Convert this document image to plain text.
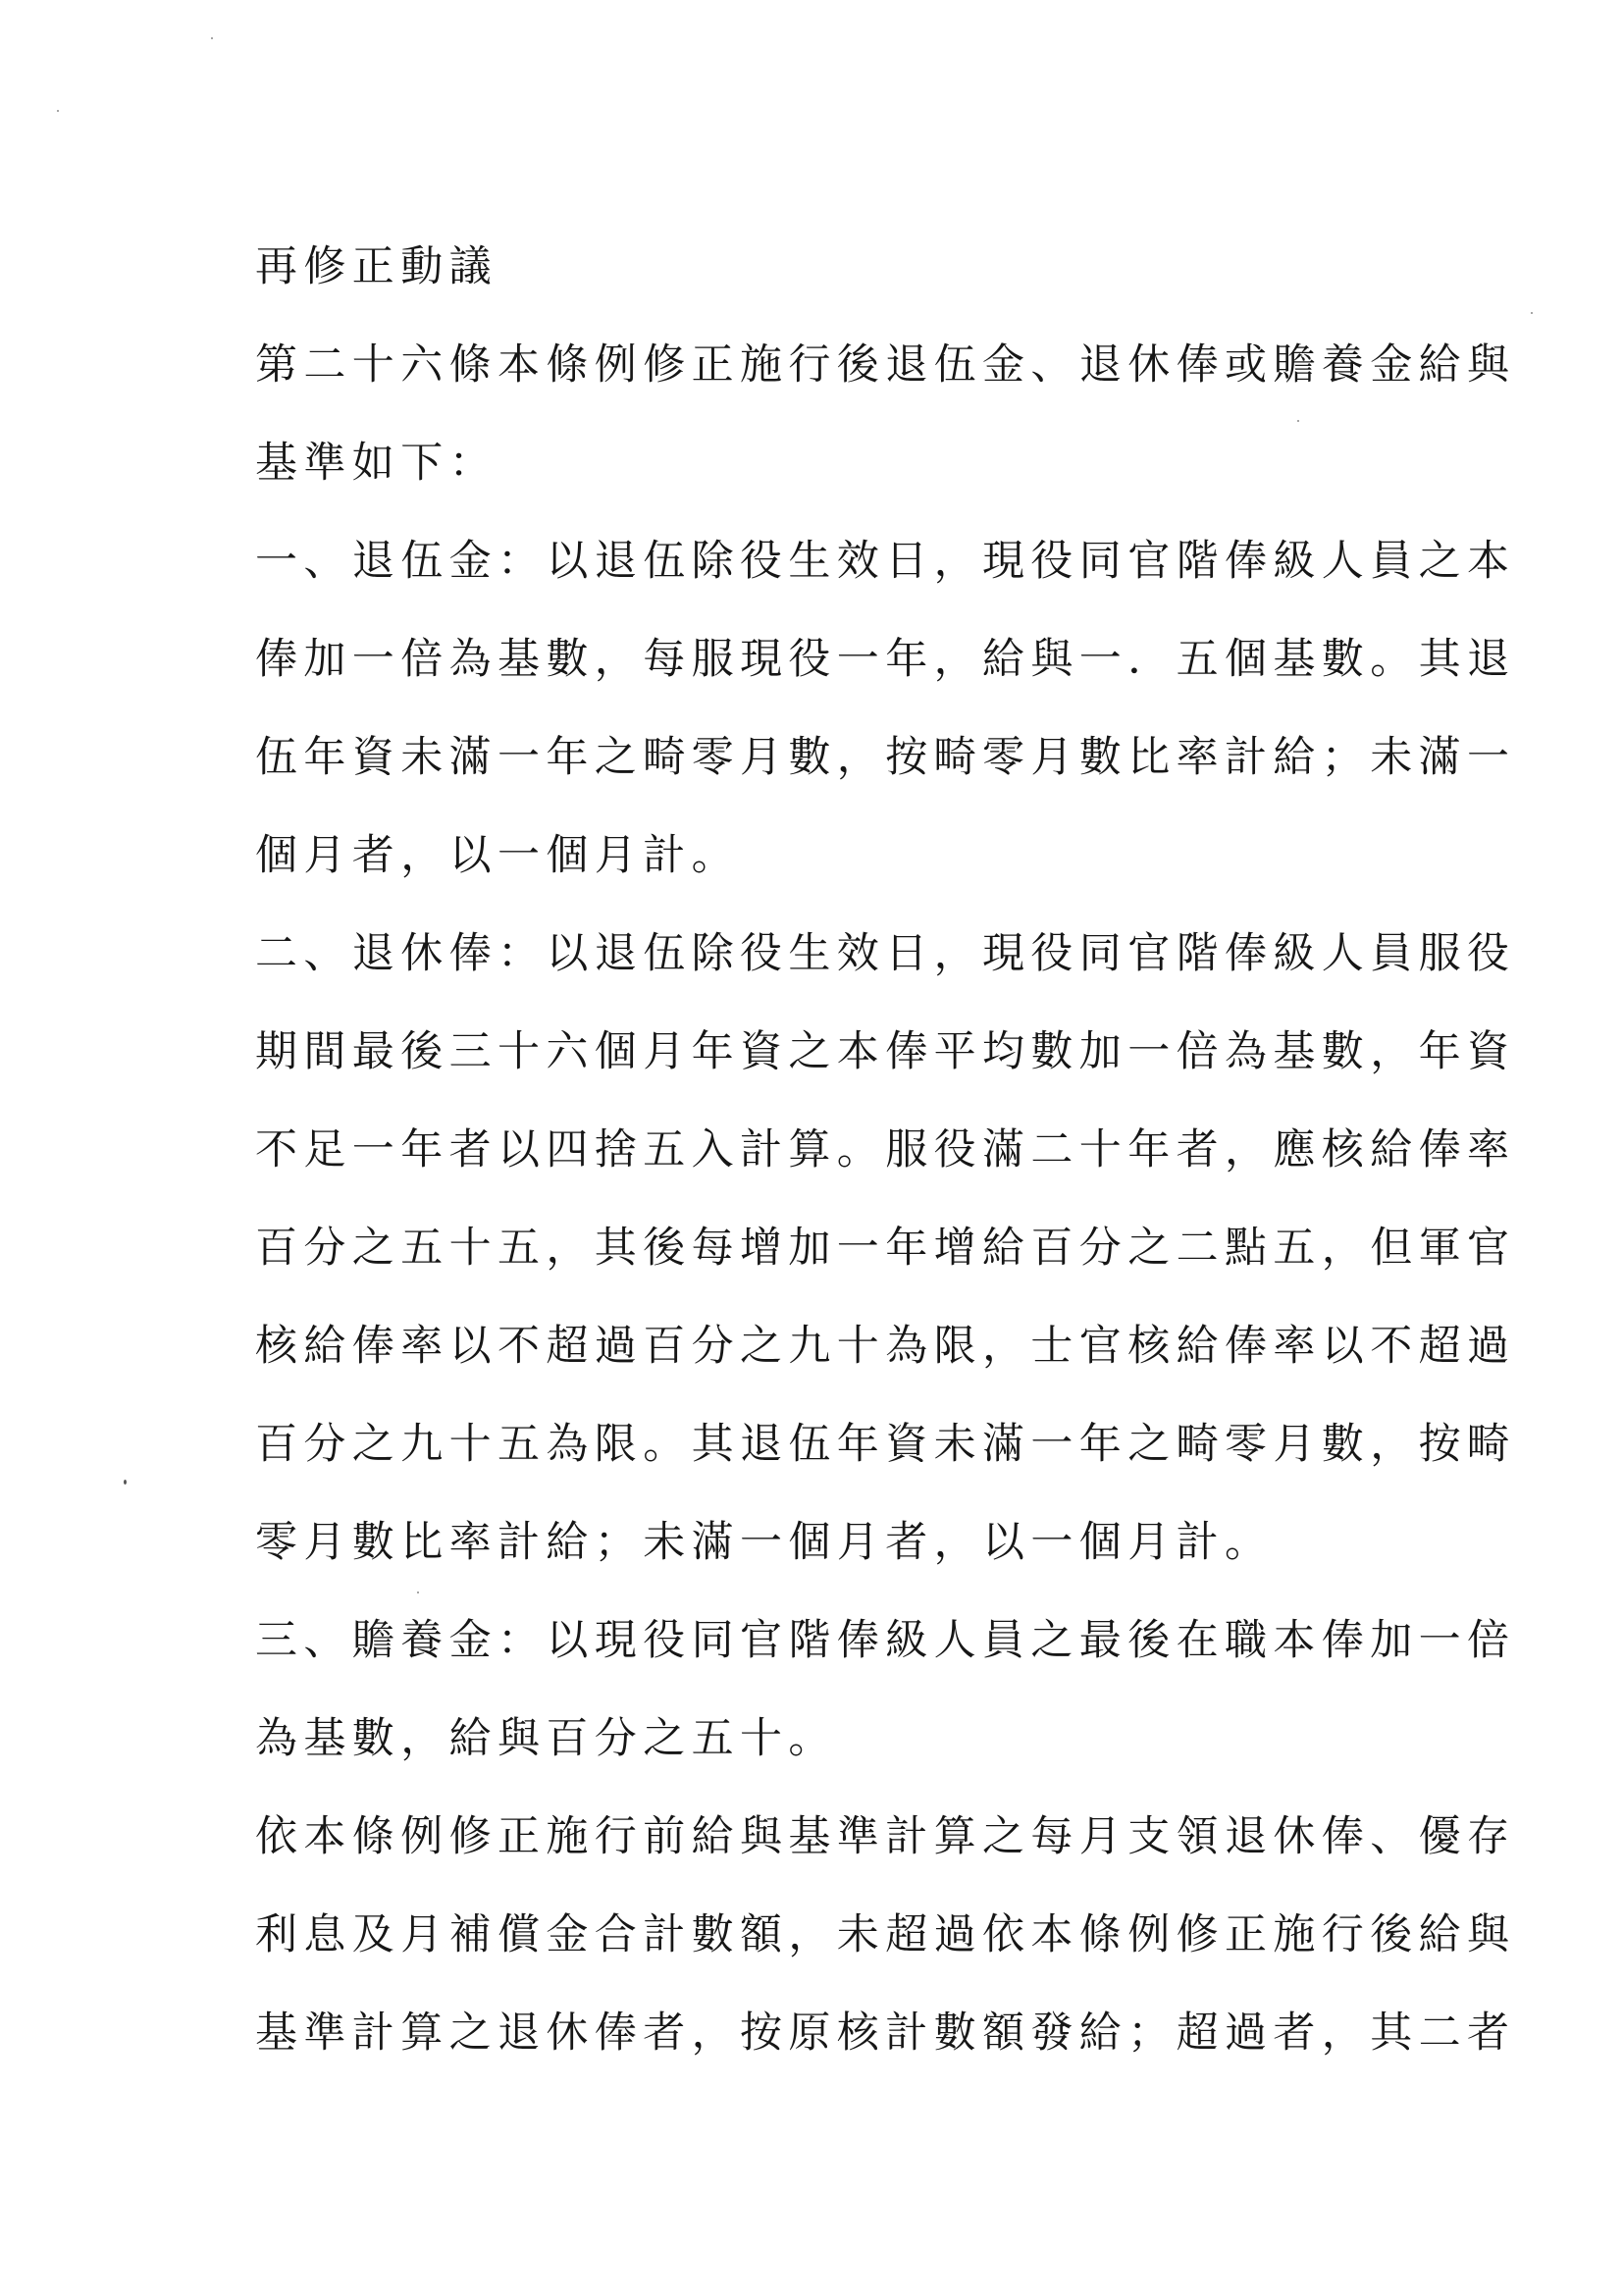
再修正動議
第二十六條本條例修正施行後退伍金、退休俸或贍養金給與
基準如下：
一、退伍金：以退伍除役生效日，現役同官階俸級人員之本
俸加一倍為基數，每服現役一年，給與一．五個基數。其退
伍年資未滿一年之畸零月數，按畸零月數比率計給；未滿一
個月者，以一個月計。
二、退休俸：以退伍除役生效日，現役同官階俸級人員服役
期間最後三十六個月年資之本俸平均數加一倍為基數，年資
不足一年者以四捨五入計算。服役滿二十年者，應核給俸率
百分之五十五，其後每增加一年增給百分之二點五，但軍官
核給俸率以不超過百分之九十為限，士官核給俸率以不超過
百分之九十五為限。其退伍年資未滿一年之畸零月數，按畸
零月數比率計給；未滿一個月者，以一個月計。
三、贍養金：以現役同官階俸級人員之最後在職本俸加一倍
為基數，給與百分之五十。
依本條例修正施行前給與基準計算之每月支領退休俸、優存
利息及月補償金合計數額，未超過依本條例修正施行後給與
基準計算之退休俸者，按原核計數額發給；超過者，其二者
